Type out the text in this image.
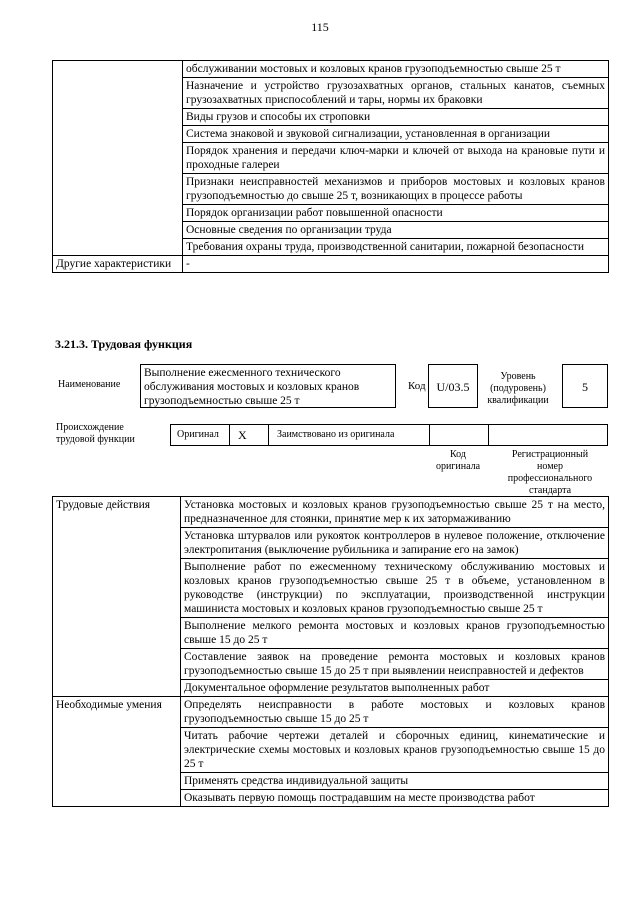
115
	обслуживании мостовых и козловых кранов грузоподъемностью свыше 25 т
	Назначение и устройство грузозахватных органов, стальных канатов, съемных грузозахватных приспособлений и тары, нормы их браковки
	Виды грузов и способы их строповки
	Система знаковой и звуковой сигнализации, установленная в организации
	Порядок хранения и передачи ключ-марки и ключей от выхода на крановые пути и проходные галереи
	Признаки неисправностей механизмов и приборов мостовых и козловых кранов грузоподъемностью до свыше 25 т, возникающих в процессе работы
	Порядок организации работ повышенной опасности
	Основные сведения по организации труда
	Требования охраны труда, производственной санитарии, пожарной безопасности
Другие характеристики	-
3.21.3. Трудовая функция
Наименование
Выполнение ежесменного технического обслуживания мостовых и козловых кранов грузоподъемностью свыше 25 т
Код U/03.5
Уровень (подуровень) квалификации
5
Происхождение трудовой функции	Оригинал	X	Заимствовано из оригинала
Код оригинала
Регистрационный номер профессионального стандарта
Трудовые действия	Установка мостовых и козловых кранов грузоподъемностью свыше 25 т на место, предназначенное для стоянки, принятие мер к их затормаживанию
	Установка штурвалов или рукояток контроллеров в нулевое положение, отключение электропитания (выключение рубильника и запирание его на замок)
	Выполнение работ по ежесменному техническому обслуживанию мостовых и козловых кранов грузоподъемностью свыше 25 т в объеме, установленном в руководстве (инструкции) по эксплуатации, производственной инструкции машиниста мостовых и козловых кранов грузоподъемностью свыше 25 т
	Выполнение мелкого ремонта мостовых и козловых кранов грузоподъемностью свыше 15 до 25 т
	Составление заявок на проведение ремонта мостовых и козловых кранов грузоподъемностью свыше 15 до 25 т при выявлении неисправностей и дефектов
	Документальное оформление результатов выполненных работ
Необходимые умения	Определять неисправности в работе мостовых и козловых кранов грузоподъемностью свыше 15 до 25 т
	Читать рабочие чертежи деталей и сборочных единиц, кинематические и электрические схемы мостовых и козловых кранов грузоподъемностью свыше 15 до 25 т
	Применять средства индивидуальной защиты
	Оказывать первую помощь пострадавшим на месте производства работ
